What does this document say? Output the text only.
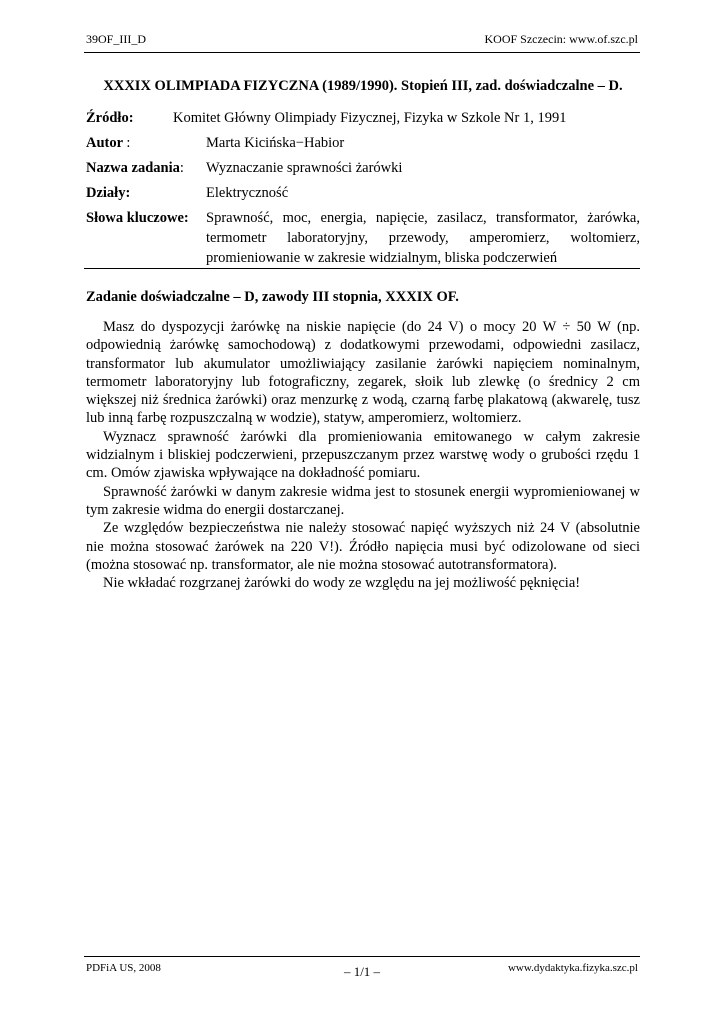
39OF_III_D	KOOF Szczecin: www.of.szc.pl
XXXIX OLIMPIADA FIZYCZNA (1989/1990). Stopień III, zad. doświadczalne – D.
Źródło:	Komitet Główny Olimpiady Fizycznej, Fizyka w Szkole Nr 1, 1991
Autor :	Marta Kicińska−Habior
Nazwa zadania: Wyznaczanie sprawności żarówki
Działy:	Elektryczność
Słowa kluczowe: Sprawność, moc, energia, napięcie, zasilacz, transformator, żarówka, termometr laboratoryjny, przewody, amperomierz, woltomierz, promieniowanie w zakresie widzialnym, bliska podczerwień
Zadanie doświadczalne – D, zawody III stopnia, XXXIX OF.

Masz do dyspozycji żarówkę na niskie napięcie (do 24 V) o mocy 20 W ÷ 50 W (np. odpowiednią żarówkę samochodową) z dodatkowymi przewodami, odpowiedni zasilacz, transformator lub akumulator umożliwiający zasilanie żarówki napięciem nominalnym, termometr laboratoryjny lub fotograficzny, zegarek, słoik lub zlewkę (o średnicy 2 cm większej niż średnica żarówki) oraz menzurkę z wodą, czarną farbę plakatową (akwarelę, tusz lub inną farbę rozpuszczalną w wodzie), statyw, amperomierz, woltomierz.

Wyznacz sprawność żarówki dla promieniowania emitowanego w całym zakresie widzialnym i bliskiej podczerwieni, przepuszczanym przez warstwę wody o grubości rzędu 1 cm. Omów zjawiska wpływające na dokładność pomiaru.

Sprawność żarówki w danym zakresie widma jest to stosunek energii wypromieniowanej w tym zakresie widma do energii dostarczanej.

Ze względów bezpieczeństwa nie należy stosować napięć wyższych niż 24 V (absolutnie nie można stosować żarówek na 220 V!). Źródło napięcia musi być odizolowane od sieci (można stosować np. transformator, ale nie można stosować autotransformatora).

Nie wkładać rozgrzanej żarówki do wody ze względu na jej możliwość pęknięcia!

PDFiA US, 2008	– 1/1 –	www.dydaktyka.fizyka.szc.pl
